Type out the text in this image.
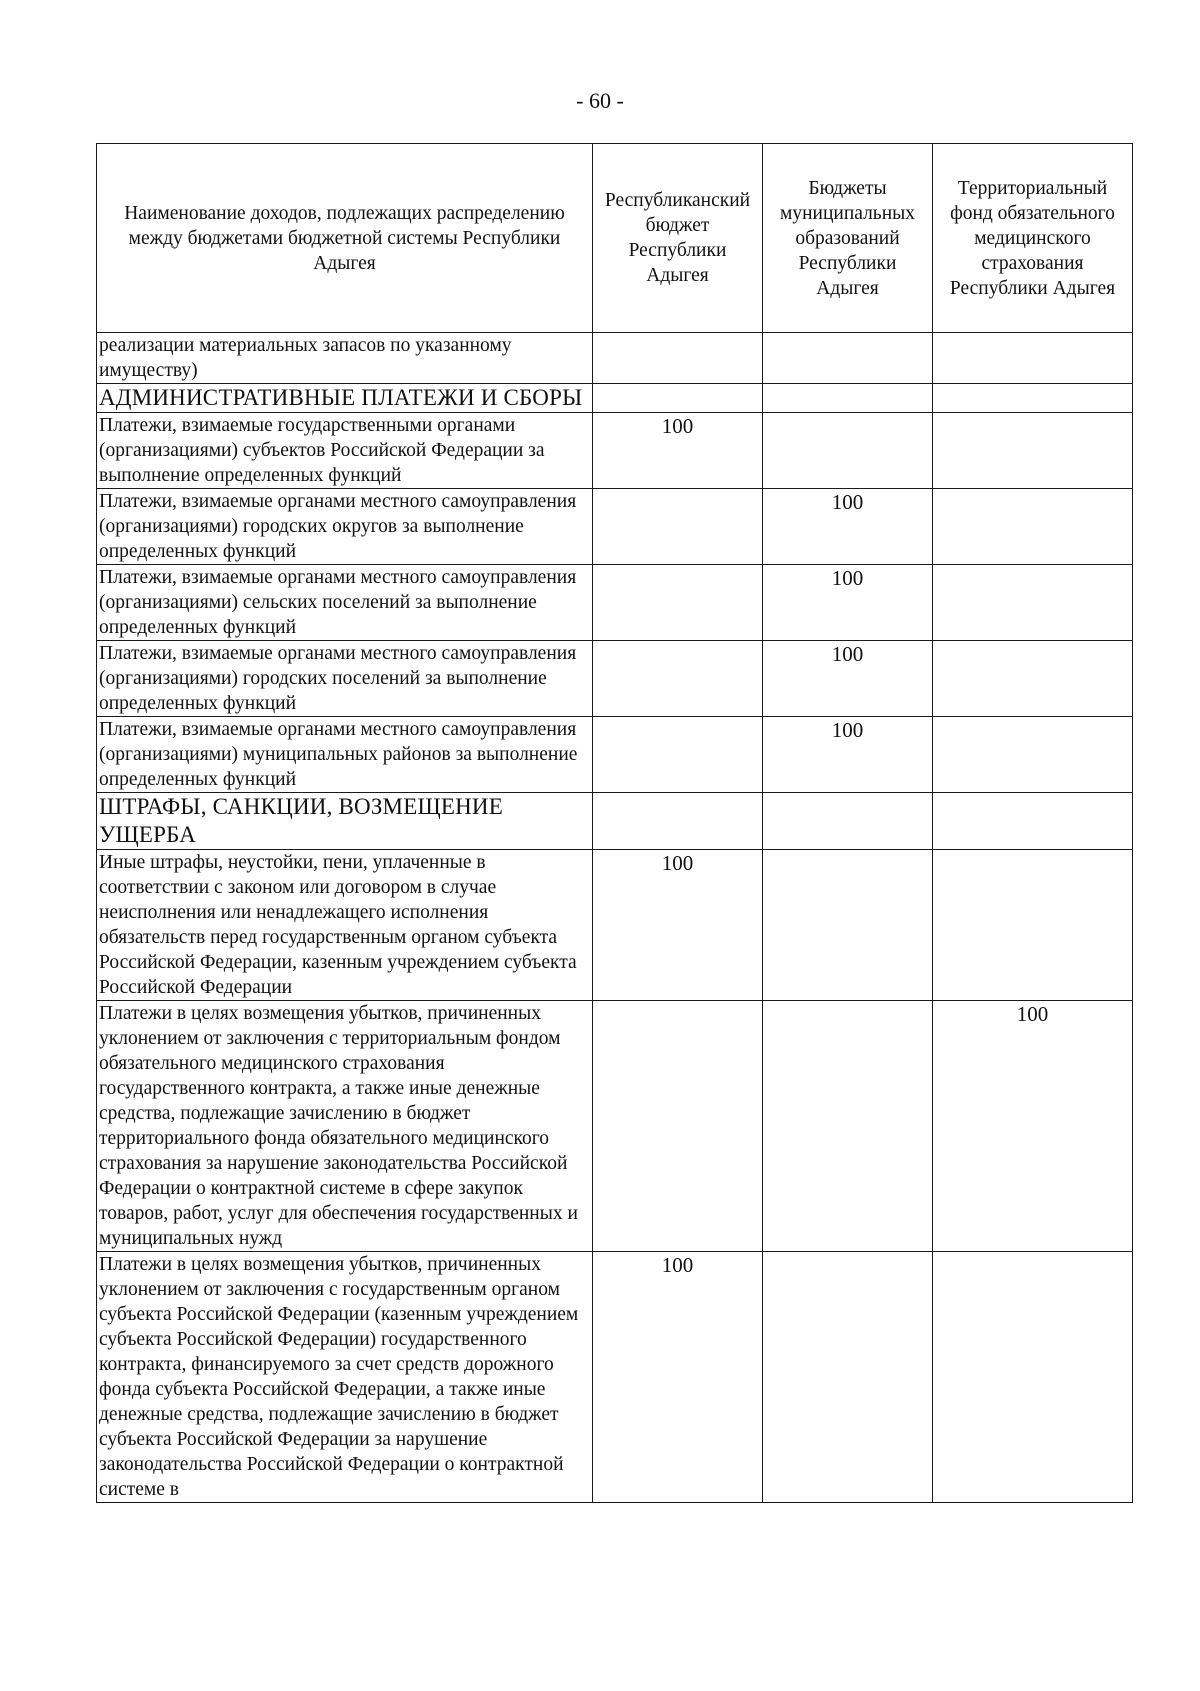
- 60 -
Наименование доходов, подлежащих распределению между бюджетами бюджетной системы Республики Адыгея	Республиканский бюджет Республики Адыгея	Бюджеты муниципальных образований Республики Адыгея	Территориальный фонд обязательного медицинского страхования Республики Адыгея
реализации материальных запасов по указанному имуществу)			
АДМИНИСТРАТИВНЫЕ ПЛАТЕЖИ И СБОРЫ			
Платежи, взимаемые государственными органами (организациями) субъектов Российской Федерации за выполнение определенных функций	100		
Платежи, взимаемые органами местного самоуправления (организациями) городских округов за выполнение определенных функций		100	
Платежи, взимаемые органами местного самоуправления (организациями) сельских поселений за выполнение определенных функций		100	
Платежи, взимаемые органами местного самоуправления (организациями) городских поселений за выполнение определенных функций		100	
Платежи, взимаемые органами местного самоуправления (организациями) муниципальных районов за выполнение определенных функций		100	
ШТРАФЫ, САНКЦИИ, ВОЗМЕЩЕНИЕ УЩЕРБА			
Иные штрафы, неустойки, пени, уплаченные в соответствии с законом или договором в случае неисполнения или ненадлежащего исполнения обязательств перед государственным органом субъекта Российской Федерации, казенным учреждением субъекта Российской Федерации	100		
Платежи в целях возмещения убытков, причиненных уклонением от заключения с территориальным фондом обязательного медицинского страхования государственного контракта, а также иные денежные средства, подлежащие зачислению в бюджет территориального фонда обязательного медицинского страхования за нарушение законодательства Российской Федерации о контрактной системе в сфере закупок товаров, работ, услуг для обеспечения государственных и муниципальных нужд			100
Платежи в целях возмещения убытков, причиненных уклонением от заключения с государственным органом субъекта Российской Федерации (казенным учреждением субъекта Российской Федерации) государственного контракта, финансируемого за счет средств дорожного фонда субъекта Российской Федерации, а также иные денежные средства, подлежащие зачислению в бюджет субъекта Российской Федерации за нарушение законодательства Российской Федерации о контрактной системе в	100		
